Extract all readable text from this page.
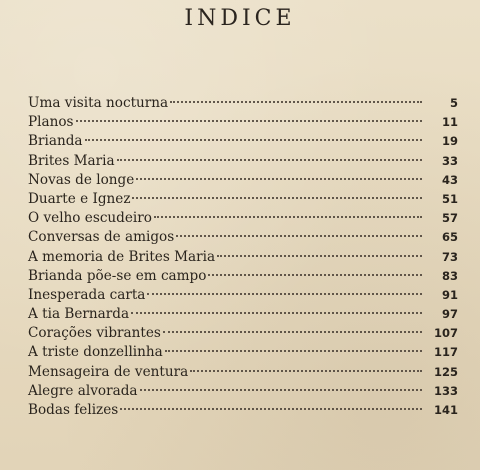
INDICE
Uma visita nocturna	5
Planos	11
Brianda	19
Brites Maria	33
Novas de longe	43
Duarte e Ignez	51
O velho escudeiro	57
Conversas de amigos	65
A memoria de Brites Maria	73
Brianda põe-se em campo	83
Inesperada carta	91
A tia Bernarda	97
Corações vibrantes	107
A triste donzellinha	117
Mensageira de ventura	125
Alegre alvorada	133
Bodas felizes	141
